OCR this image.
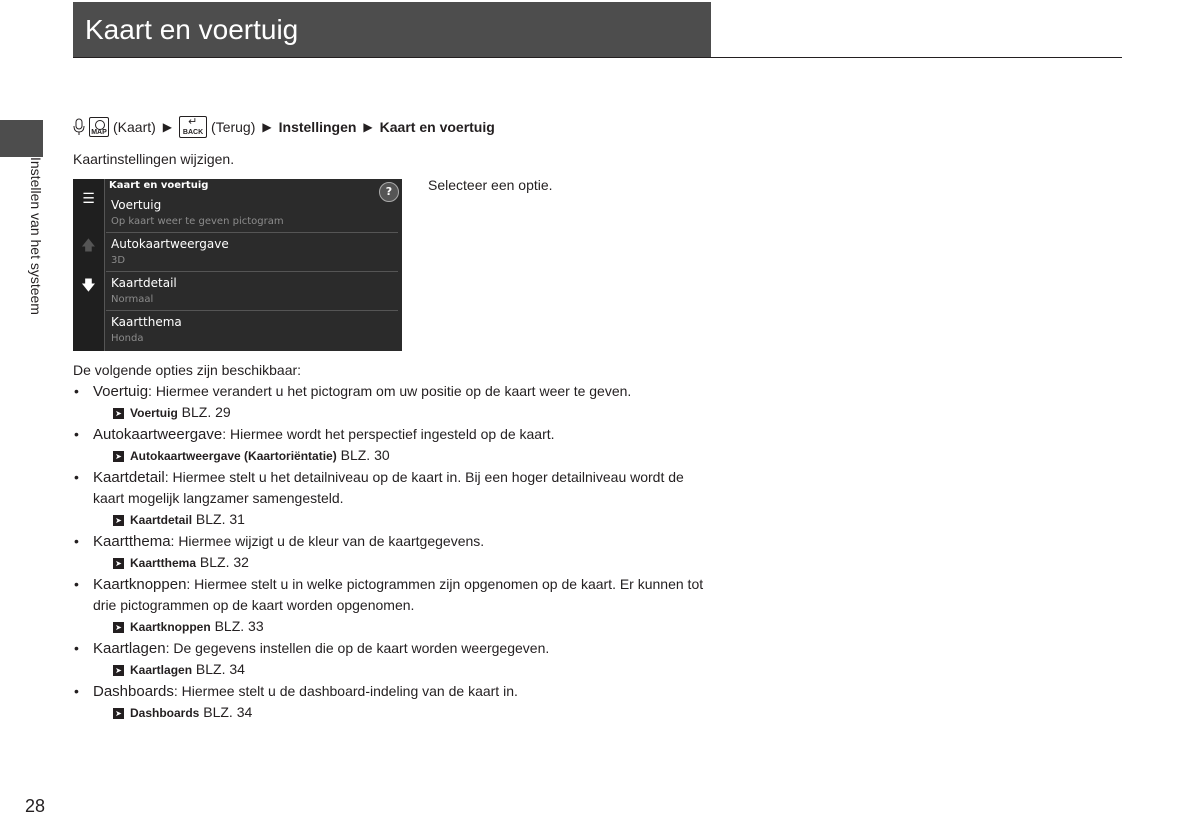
Kaart en voertuig
Instellen van het systeem
MAP (Kaart) ▶
↵	BACK (Terug) ▶ Instellingen ▶ Kaart en voertuig
Kaartinstellingen wijzigen.
☰
🡅
🡇
Kaart en voertuig	?
Voertuig
Op kaart weer te geven pictogram
Autokaartweergave
3D
Kaartdetail
Normaal
Kaartthema
Honda
Selecteer een optie.
De volgende opties zijn beschikbaar:
• Voertuig: Hiermee verandert u het pictogram om uw positie op de kaart weer te geven.
➤ Voertuig BLZ. 29
• Autokaartweergave: Hiermee wordt het perspectief ingesteld op de kaart.
➤ Autokaartweergave (Kaartoriëntatie) BLZ. 30
• Kaartdetail: Hiermee stelt u het detailniveau op de kaart in. Bij een hoger detailniveau wordt de kaart mogelijk langzamer samengesteld.
➤ Kaartdetail BLZ. 31
• Kaartthema: Hiermee wijzigt u de kleur van de kaartgegevens.
➤ Kaartthema BLZ. 32
• Kaartknoppen: Hiermee stelt u in welke pictogrammen zijn opgenomen op de kaart. Er kunnen tot drie pictogrammen op de kaart worden opgenomen.
➤ Kaartknoppen BLZ. 33
• Kaartlagen: De gegevens instellen die op de kaart worden weergegeven.
➤ Kaartlagen BLZ. 34
• Dashboards: Hiermee stelt u de dashboard-indeling van de kaart in.
➤ Dashboards BLZ. 34
28
